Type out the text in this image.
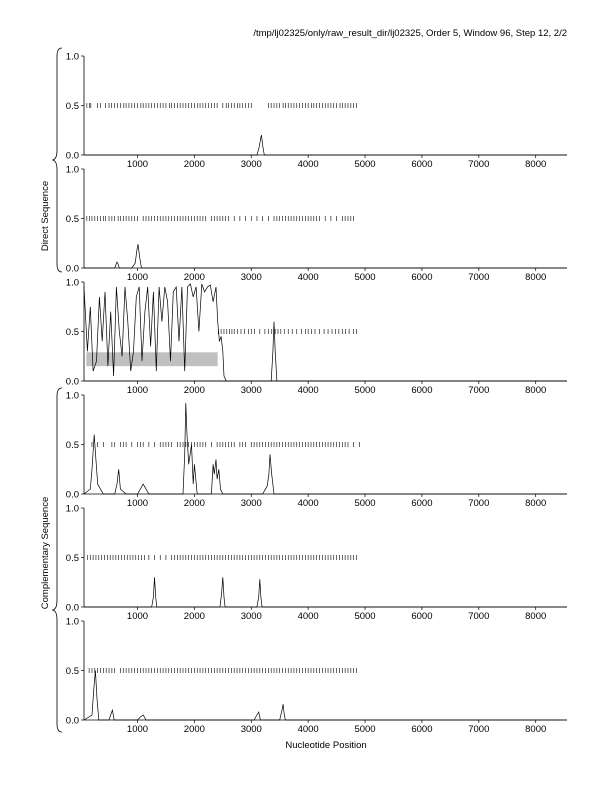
/tmp/lj02325/only/raw_result_dir/lj02325, Order 5, Window 96, Step 12, 2/2
0.0
0.5
1.0
1000	2000	3000	4000	5000	6000	7000	8000
0.0
0.5
1.0
1000	2000	3000	4000	5000	6000	7000	8000
0.0
0.5
1.0
1000	2000	3000	4000	5000	6000	7000	8000
0.0
0.5
1.0
1000	2000	3000	4000	5000	6000	7000	8000
0.0
0.5
1.0
1000	2000	3000	4000	5000	6000	7000	8000
0.0
0.5
1.0
1000	2000	3000	4000	5000	6000	7000	8000
Direct Sequence
Complementary Sequence
Nucleotide Position
